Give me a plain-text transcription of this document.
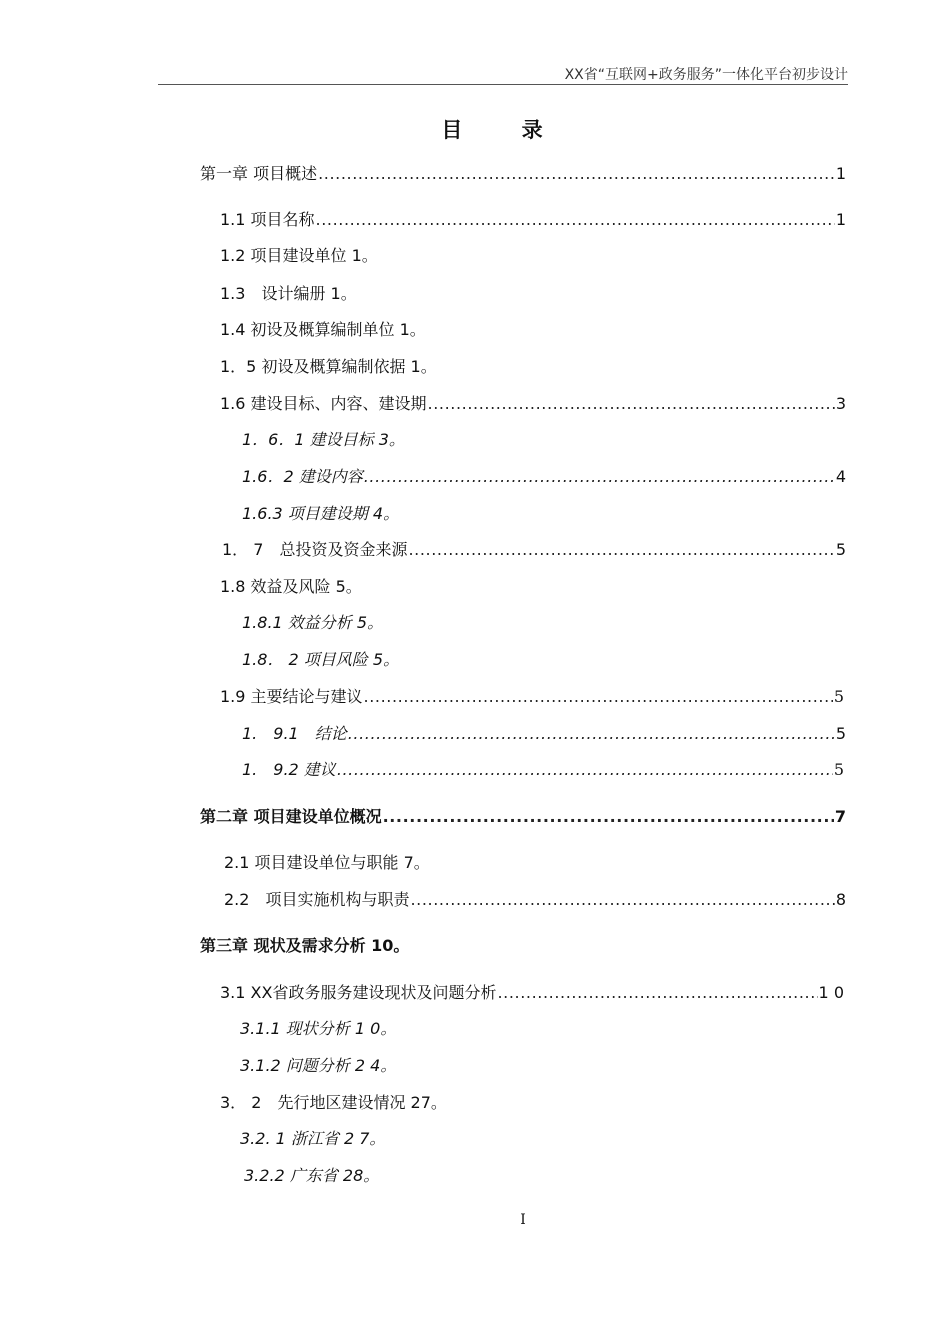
XX省“互联网+政务服务”一体化平台初步设计
目 录
第一章 项目概述 .....	1
1.1 项目名称 .....	1
1.2 项目建设单位 1。
1.3　设计编册 1。
1.4 初设及概算编制单位 1。
1．5 初设及概算编制依据 1。
1.6 建设目标、内容、建设期 .....	3
1．6．1 建设目标 3。
1.6．2 建设内容 .....	4
1.6.3 项目建设期 4。
1． 7　总投资及资金来源 .....	5
1.8 效益及风险 5。
1.8.1 效益分析 5。
1.8． 2 项目风险 5。
1.9 主要结论与建议 .....	5
1.　9.1　结论 .....	5
1.　9.2 建议 .....	5
第二章 项目建设单位概况 .....	7
2.1 项目建设单位与职能 7。
2.2　项目实施机构与职责 .....	8
第三章 现状及需求分析 10。
3.1 XX省政务服务建设现状及问题分析 .....	1 0
3.1.1 现状分析 1 0。
3.1.2 问题分析 2 4。
3． 2　先行地区建设情况 27。
3.2. 1 浙江省 2 7。
3.2.2 广东省 28。
I
